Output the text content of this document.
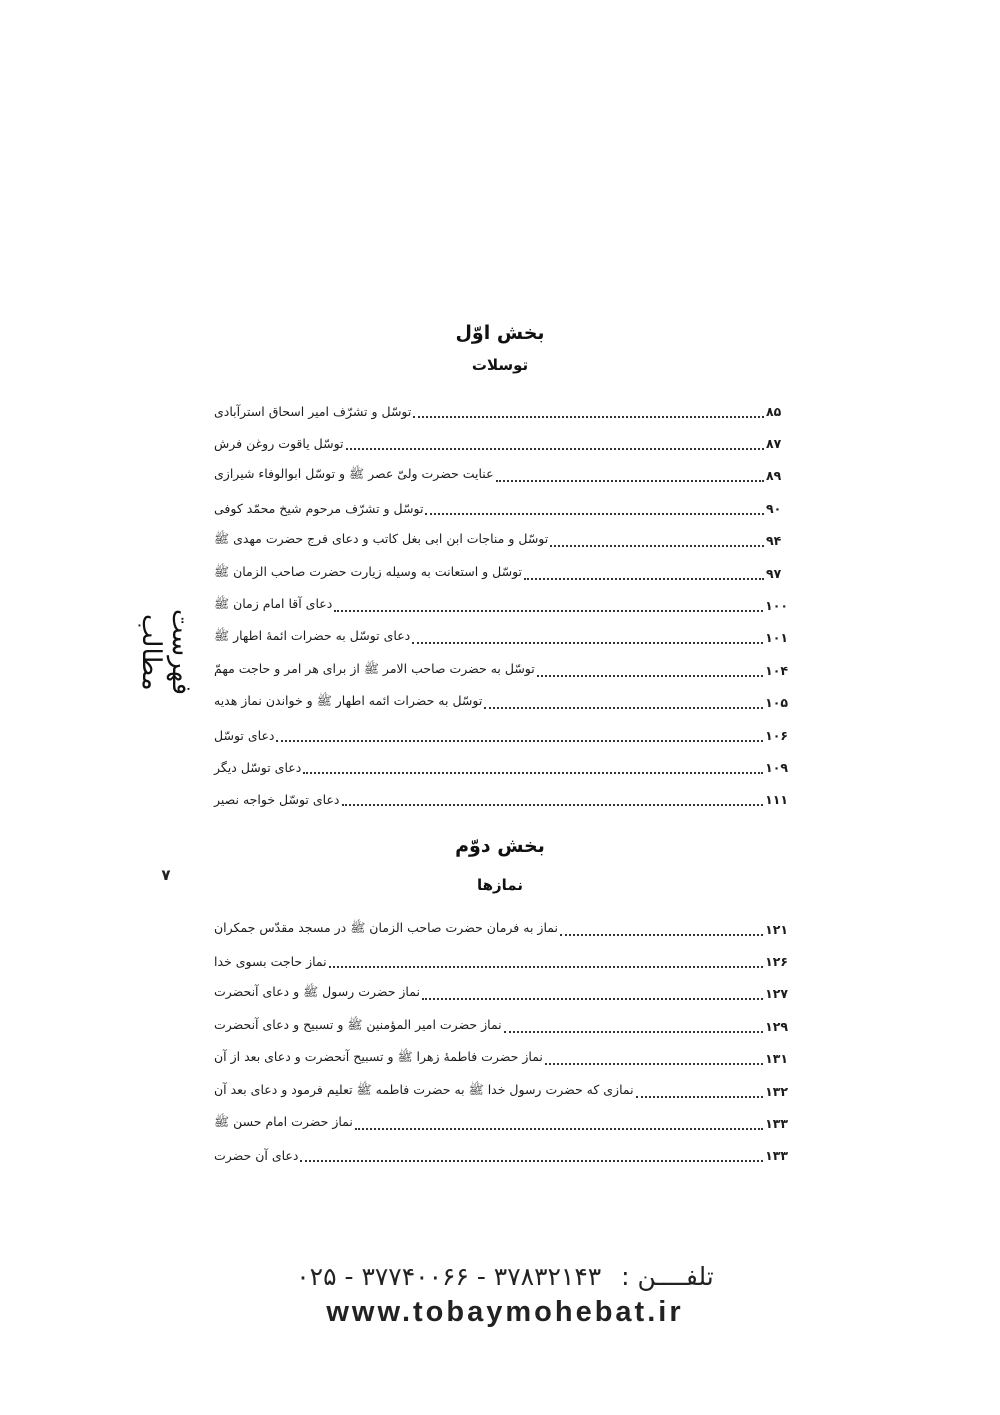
بخش اوّل
توسلات
توسّل و تشرّف امیر اسحاق استرآبادی	۸۵
توسّل یاقوت روغن فرش	۸۷
عنایت حضرت ولیّ عصر ﷺ و توسّل ابوالوفاء شیرازی	۸۹
توسّل و تشرّف مرحوم شیخ محمّد کوفی	۹۰
توسّل و مناجات ابن ابی بغل کاتب و دعای فرج حضرت مهدی ﷺ	۹۴
توسّل و استعانت به وسیله زیارت حضرت صاحب الزمان ﷺ	۹۷
دعای آقا امام زمان ﷺ	۱۰۰
دعای توسّل به حضرات ائمۀ اطهار ﷺ	۱۰۱
توسّل به حضرت صاحب الامر ﷺ از برای هر امر و حاجت مهمّ	۱۰۴
توسّل به حضرات ائمه اطهار ﷺ و خواندن نماز هدیه	۱۰۵
دعای توسّل	۱۰۶
دعای توسّل دیگر	۱۰۹
دعای توسّل خواجه نصیر	۱۱۱
بخش دوّم
نمازها
نماز به فرمان حضرت صاحب الزمان ﷺ در مسجد مقدّس جمکران	۱۲۱
نماز حاجت بسوی خدا	۱۲۶
نماز حضرت رسول ﷺ و دعای آنحضرت	۱۲۷
نماز حضرت امیر المؤمنین ﷺ و تسبیح و دعای آنحضرت	۱۲۹
نماز حضرت فاطمۀ زهرا ﷺ و تسبیح آنحضرت و دعای بعد از آن	۱۳۱
نمازی که حضرت رسول خدا ﷺ به حضرت فاطمه ﷺ تعلیم فرمود و دعای بعد آن	۱۳۲
نماز حضرت امام حسن ﷺ	۱۳۳
دعای آن حضرت	۱۳۳
فهرست مطالب
۷
تلفــــن : ۳۷۸۳۲۱۴۳ - ۳۷۷۴۰۰۶۶ - ۰۲۵
www.tobaymohebat.ir
